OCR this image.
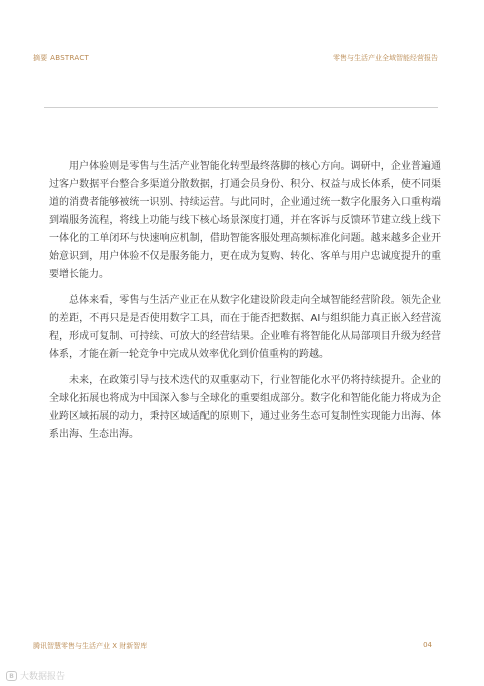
摘要 ABSTRACT	零售与生活产业全域智能经营报告

用户体验则是零售与生活产业智能化转型最终落脚的核心方向。调研中，企业普遍通过客户数据平台整合多渠道分散数据，打通会员身份、积分、权益与成长体系，使不同渠道的消费者能够被统一识别、持续运营。与此同时，企业通过统一数字化服务入口重构端到端服务流程，将线上功能与线下核心场景深度打通，并在客诉与反馈环节建立线上线下一体化的工单闭环与快速响应机制，借助智能客服处理高频标准化问题。越来越多企业开始意识到，用户体验不仅是服务能力，更在成为复购、转化、客单与用户忠诚度提升的重要增长能力。

总体来看，零售与生活产业正在从数字化建设阶段走向全域智能经营阶段。领先企业的差距，不再只是是否使用数字工具，而在于能否把数据、AI与组织能力真正嵌入经营流程，形成可复制、可持续、可放大的经营结果。企业唯有将智能化从局部项目升级为经营体系，才能在新一轮竞争中完成从效率优化到价值重构的跨越。

未来，在政策引导与技术迭代的双重驱动下，行业智能化水平仍将持续提升。企业的全球化拓展也将成为中国深入参与全球化的重要组成部分。数字化和智能化能力将成为企业跨区域拓展的动力，秉持区域适配的原则下，通过业务生态可复制性实现能力出海、体系出海、生态出海。

腾讯智慧零售与生活产业 X 财新智库	04
B 大数据报告
